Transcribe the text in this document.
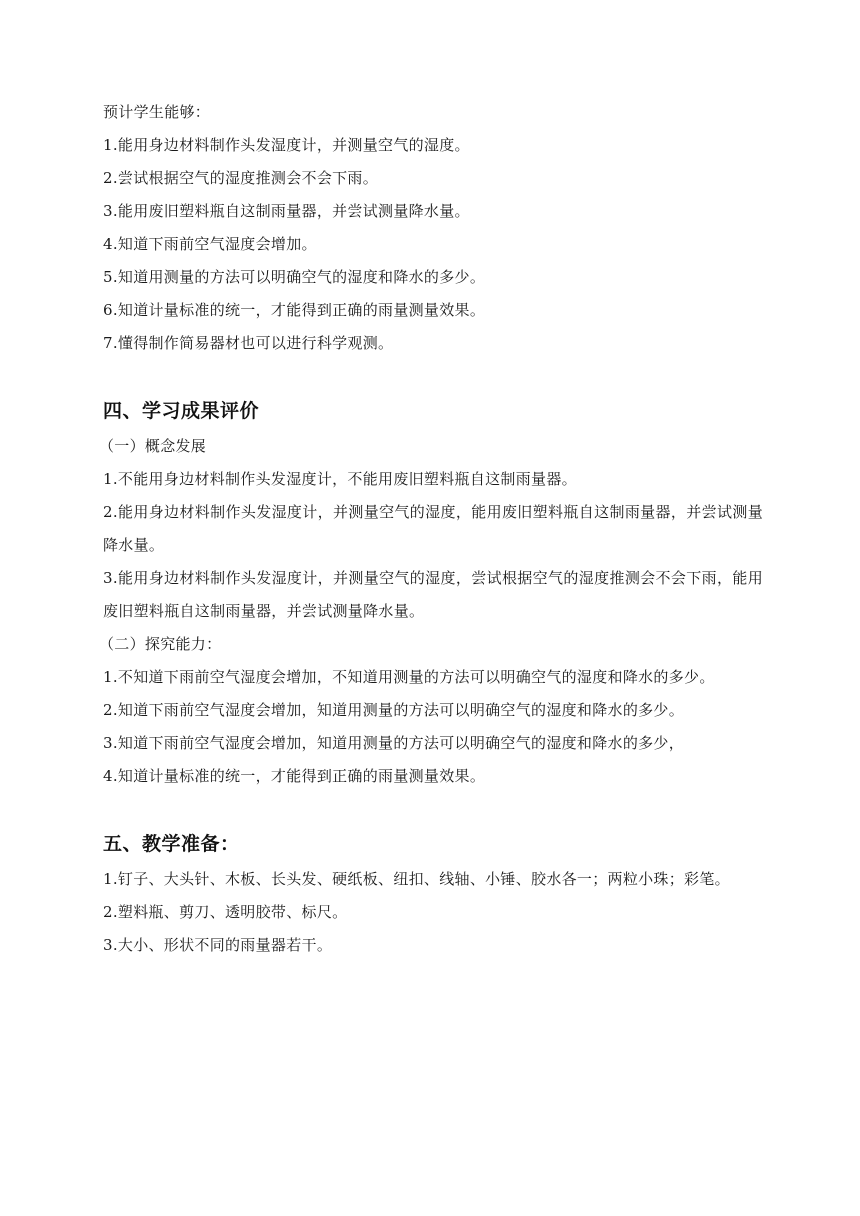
预计学生能够：
1.能用身边材料制作头发湿度计，并测量空气的湿度。
2.尝试根据空气的湿度推测会不会下雨。
3.能用废旧塑料瓶自这制雨量器，并尝试测量降水量。
4.知道下雨前空气湿度会增加。
5.知道用测量的方法可以明确空气的湿度和降水的多少。
6.知道计量标准的统一，才能得到正确的雨量测量效果。
7.懂得制作简易器材也可以进行科学观测。
四、学习成果评价
（一）概念发展
1.不能用身边材料制作头发湿度计，不能用废旧塑料瓶自这制雨量器。
2.能用身边材料制作头发湿度计，并测量空气的湿度，能用废旧塑料瓶自这制雨量器，并尝试测量降水量。
3.能用身边材料制作头发湿度计，并测量空气的湿度，尝试根据空气的湿度推测会不会下雨，能用废旧塑料瓶自这制雨量器，并尝试测量降水量。
（二）探究能力：
1.不知道下雨前空气湿度会增加，不知道用测量的方法可以明确空气的湿度和降水的多少。
2.知道下雨前空气湿度会增加，知道用测量的方法可以明确空气的湿度和降水的多少。
3.知道下雨前空气湿度会增加，知道用测量的方法可以明确空气的湿度和降水的多少，
4.知道计量标准的统一，才能得到正确的雨量测量效果。
五、教学准备：
1.钉子、大头针、木板、长头发、硬纸板、纽扣、线轴、小锤、胶水各一；两粒小珠；彩笔。
2.塑料瓶、剪刀、透明胶带、标尺。
3.大小、形状不同的雨量器若干。
